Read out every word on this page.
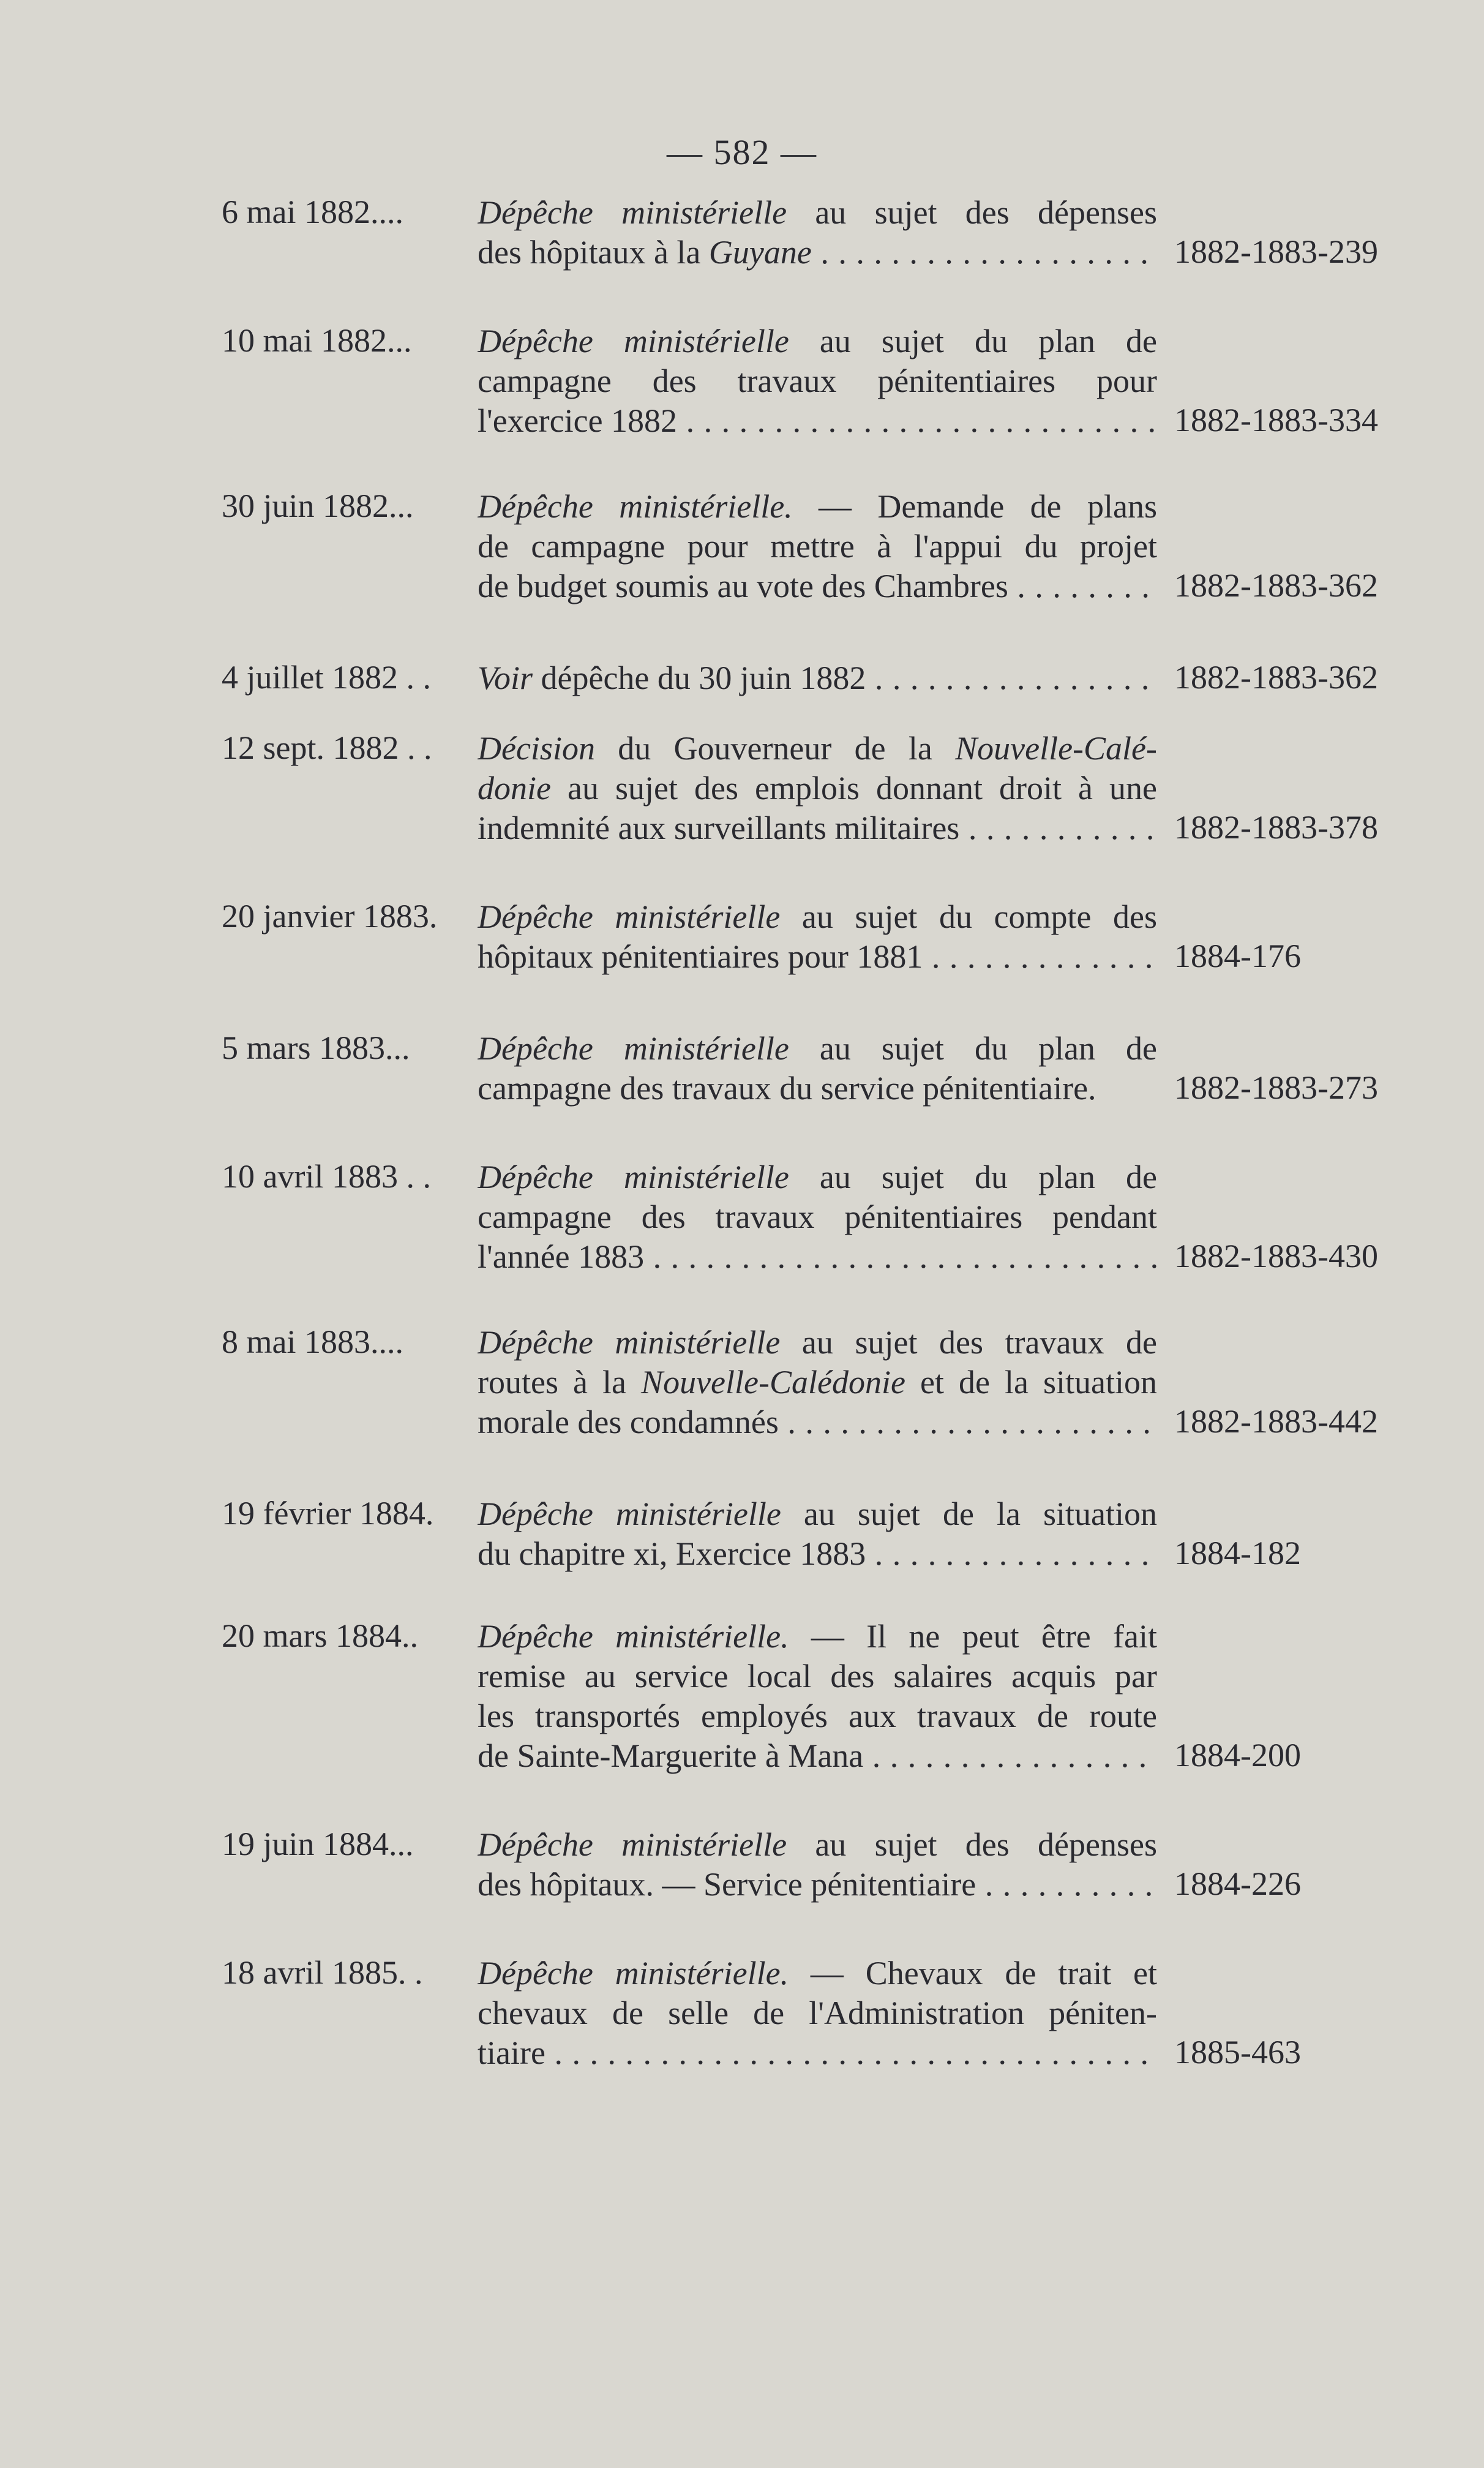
— 582 —
6 mai 1882.... Dépêche ministérielle au sujet des dépenses
des hôpitaux à la Guyane . . .	1882-1883-239
10 mai 1882... Dépêche ministérielle au sujet du plan de
campagne des travaux pénitentiaires pour
l'exercice 1882 . . .	1882-1883-334
30 juin 1882... Dépêche ministérielle. — Demande de plans
de campagne pour mettre à l'appui du projet
de budget soumis au vote des Chambres . . .	1882-1883-362
4 juillet 1882 . . Voir dépêche du 30 juin 1882 . . .	1882-1883-362
12 sept. 1882 . . Décision du Gouverneur de la Nouvelle-Calé-
donie au sujet des emplois donnant droit à une
indemnité aux surveillants militaires . . .	1882-1883-378
20 janvier 1883. Dépêche ministérielle au sujet du compte des
hôpitaux pénitentiaires pour 1881 . . .	1884-176
5 mars 1883... Dépêche ministérielle au sujet du plan de
campagne des travaux du service pénitentiaire.	1882-1883-273
10 avril 1883 . . Dépêche ministérielle au sujet du plan de
campagne des travaux pénitentiaires pendant
l'année 1883 . . .	1882-1883-430
8 mai 1883.... Dépêche ministérielle au sujet des travaux de
routes à la Nouvelle-Calédonie et de la situation
morale des condamnés . . .	1882-1883-442
19 février 1884. Dépêche ministérielle au sujet de la situation
du chapitre xi, Exercice 1883 . . .	1884-182
20 mars 1884.. Dépêche ministérielle. — Il ne peut être fait
remise au service local des salaires acquis par
les transportés employés aux travaux de route
de Sainte-Marguerite à Mana . . .	1884-200
19 juin 1884... Dépêche ministérielle au sujet des dépenses
des hôpitaux. — Service pénitentiaire . . .	1884-226
18 avril 1885. . Dépêche ministérielle. — Chevaux de trait et
chevaux de selle de l'Administration péniten-
tiaire . . .	1885-463
